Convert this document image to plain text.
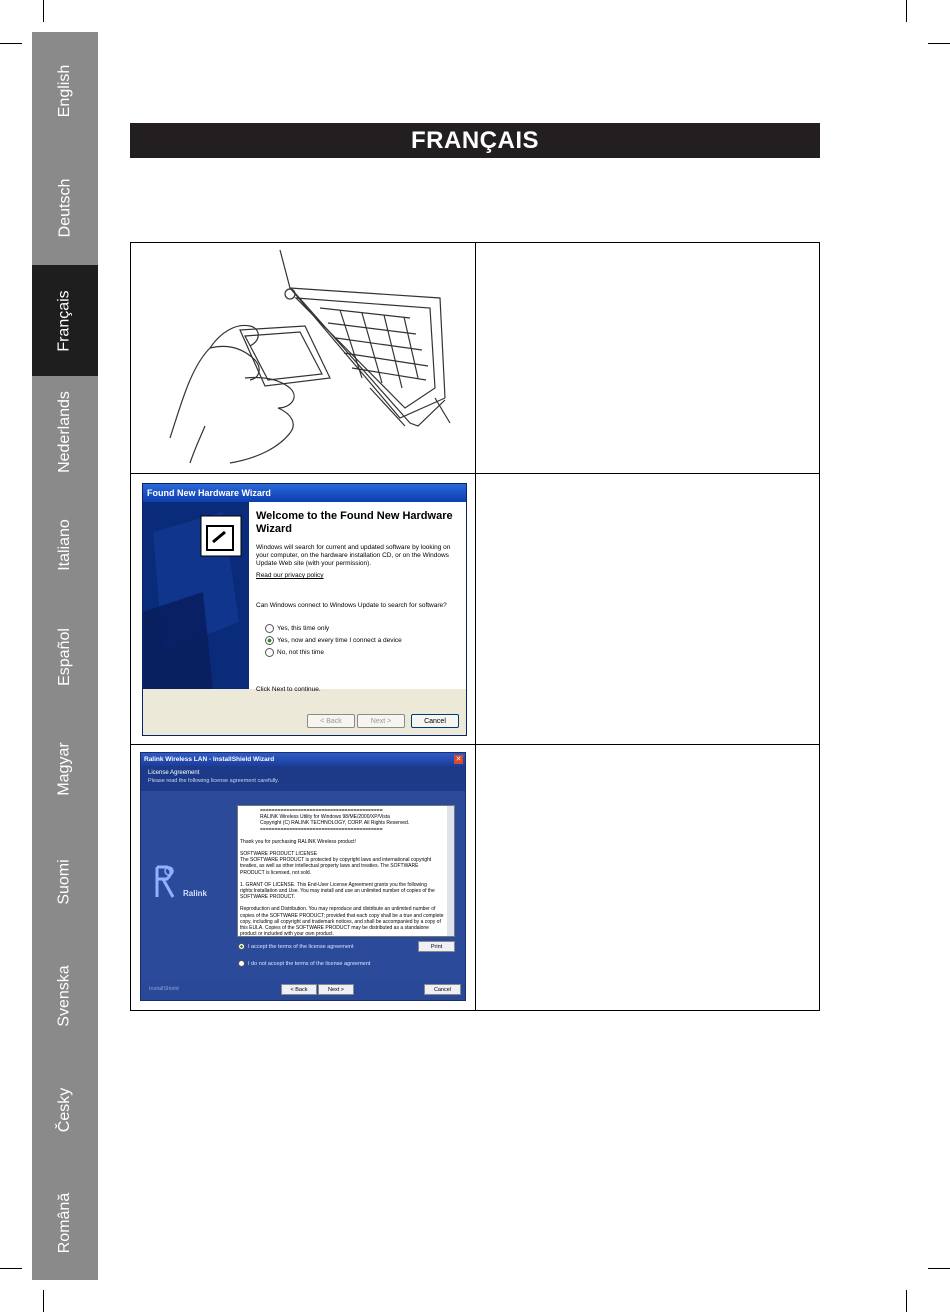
English
Deutsch
Français
Nederlands
Italiano
Español
Magyar
Suomi
Svenska
Česky
Română
FRANÇAIS
Found New Hardware Wizard
Welcome to the Found New Hardware Wizard
Windows will search for current and updated software by looking on your computer, on the hardware installation CD, or on the Windows Update Web site (with your permission).
Read our privacy policy
Can Windows connect to Windows Update to search for software?
Yes, this time only
Yes, now and every time I connect a device
No, not this time
Click Next to continue.
< Back	Next >	Cancel
Ralink Wireless LAN - InstallShield Wizard	✕
License Agreement
Please read the following license agreement carefully.
Ralink
==========================================
RALINK Wireless Utility for Windows 98/ME/2000/XP/Vista
Copyright (C) RALINK TECHNOLOGY, CORP. All Rights Reserved.
==========================================
Thank you for purchasing RALINK Wireless product!
SOFTWARE PRODUCT LICENSE
The SOFTWARE PRODUCT is protected by copyright laws and international copyright treaties, as well as other intellectual property laws and treaties. The SOFTWARE PRODUCT is licensed, not sold.
1. GRANT OF LICENSE. This End-User License Agreement grants you the following rights:Installation and Use. You may install and use an unlimited number of copies of the SOFTWARE PRODUCT.
Reproduction and Distribution. You may reproduce and distribute an unlimited number of copies of the SOFTWARE PRODUCT; provided that each copy shall be a true and complete copy, including all copyright and trademark notices, and shall be accompanied by a copy of this EULA. Copies of the SOFTWARE PRODUCT may be distributed as a standalone product or included with your own product.
I accept the terms of the license agreement
I do not accept the terms of the license agreement
Print
InstallShield	< Back	Next >	Cancel
